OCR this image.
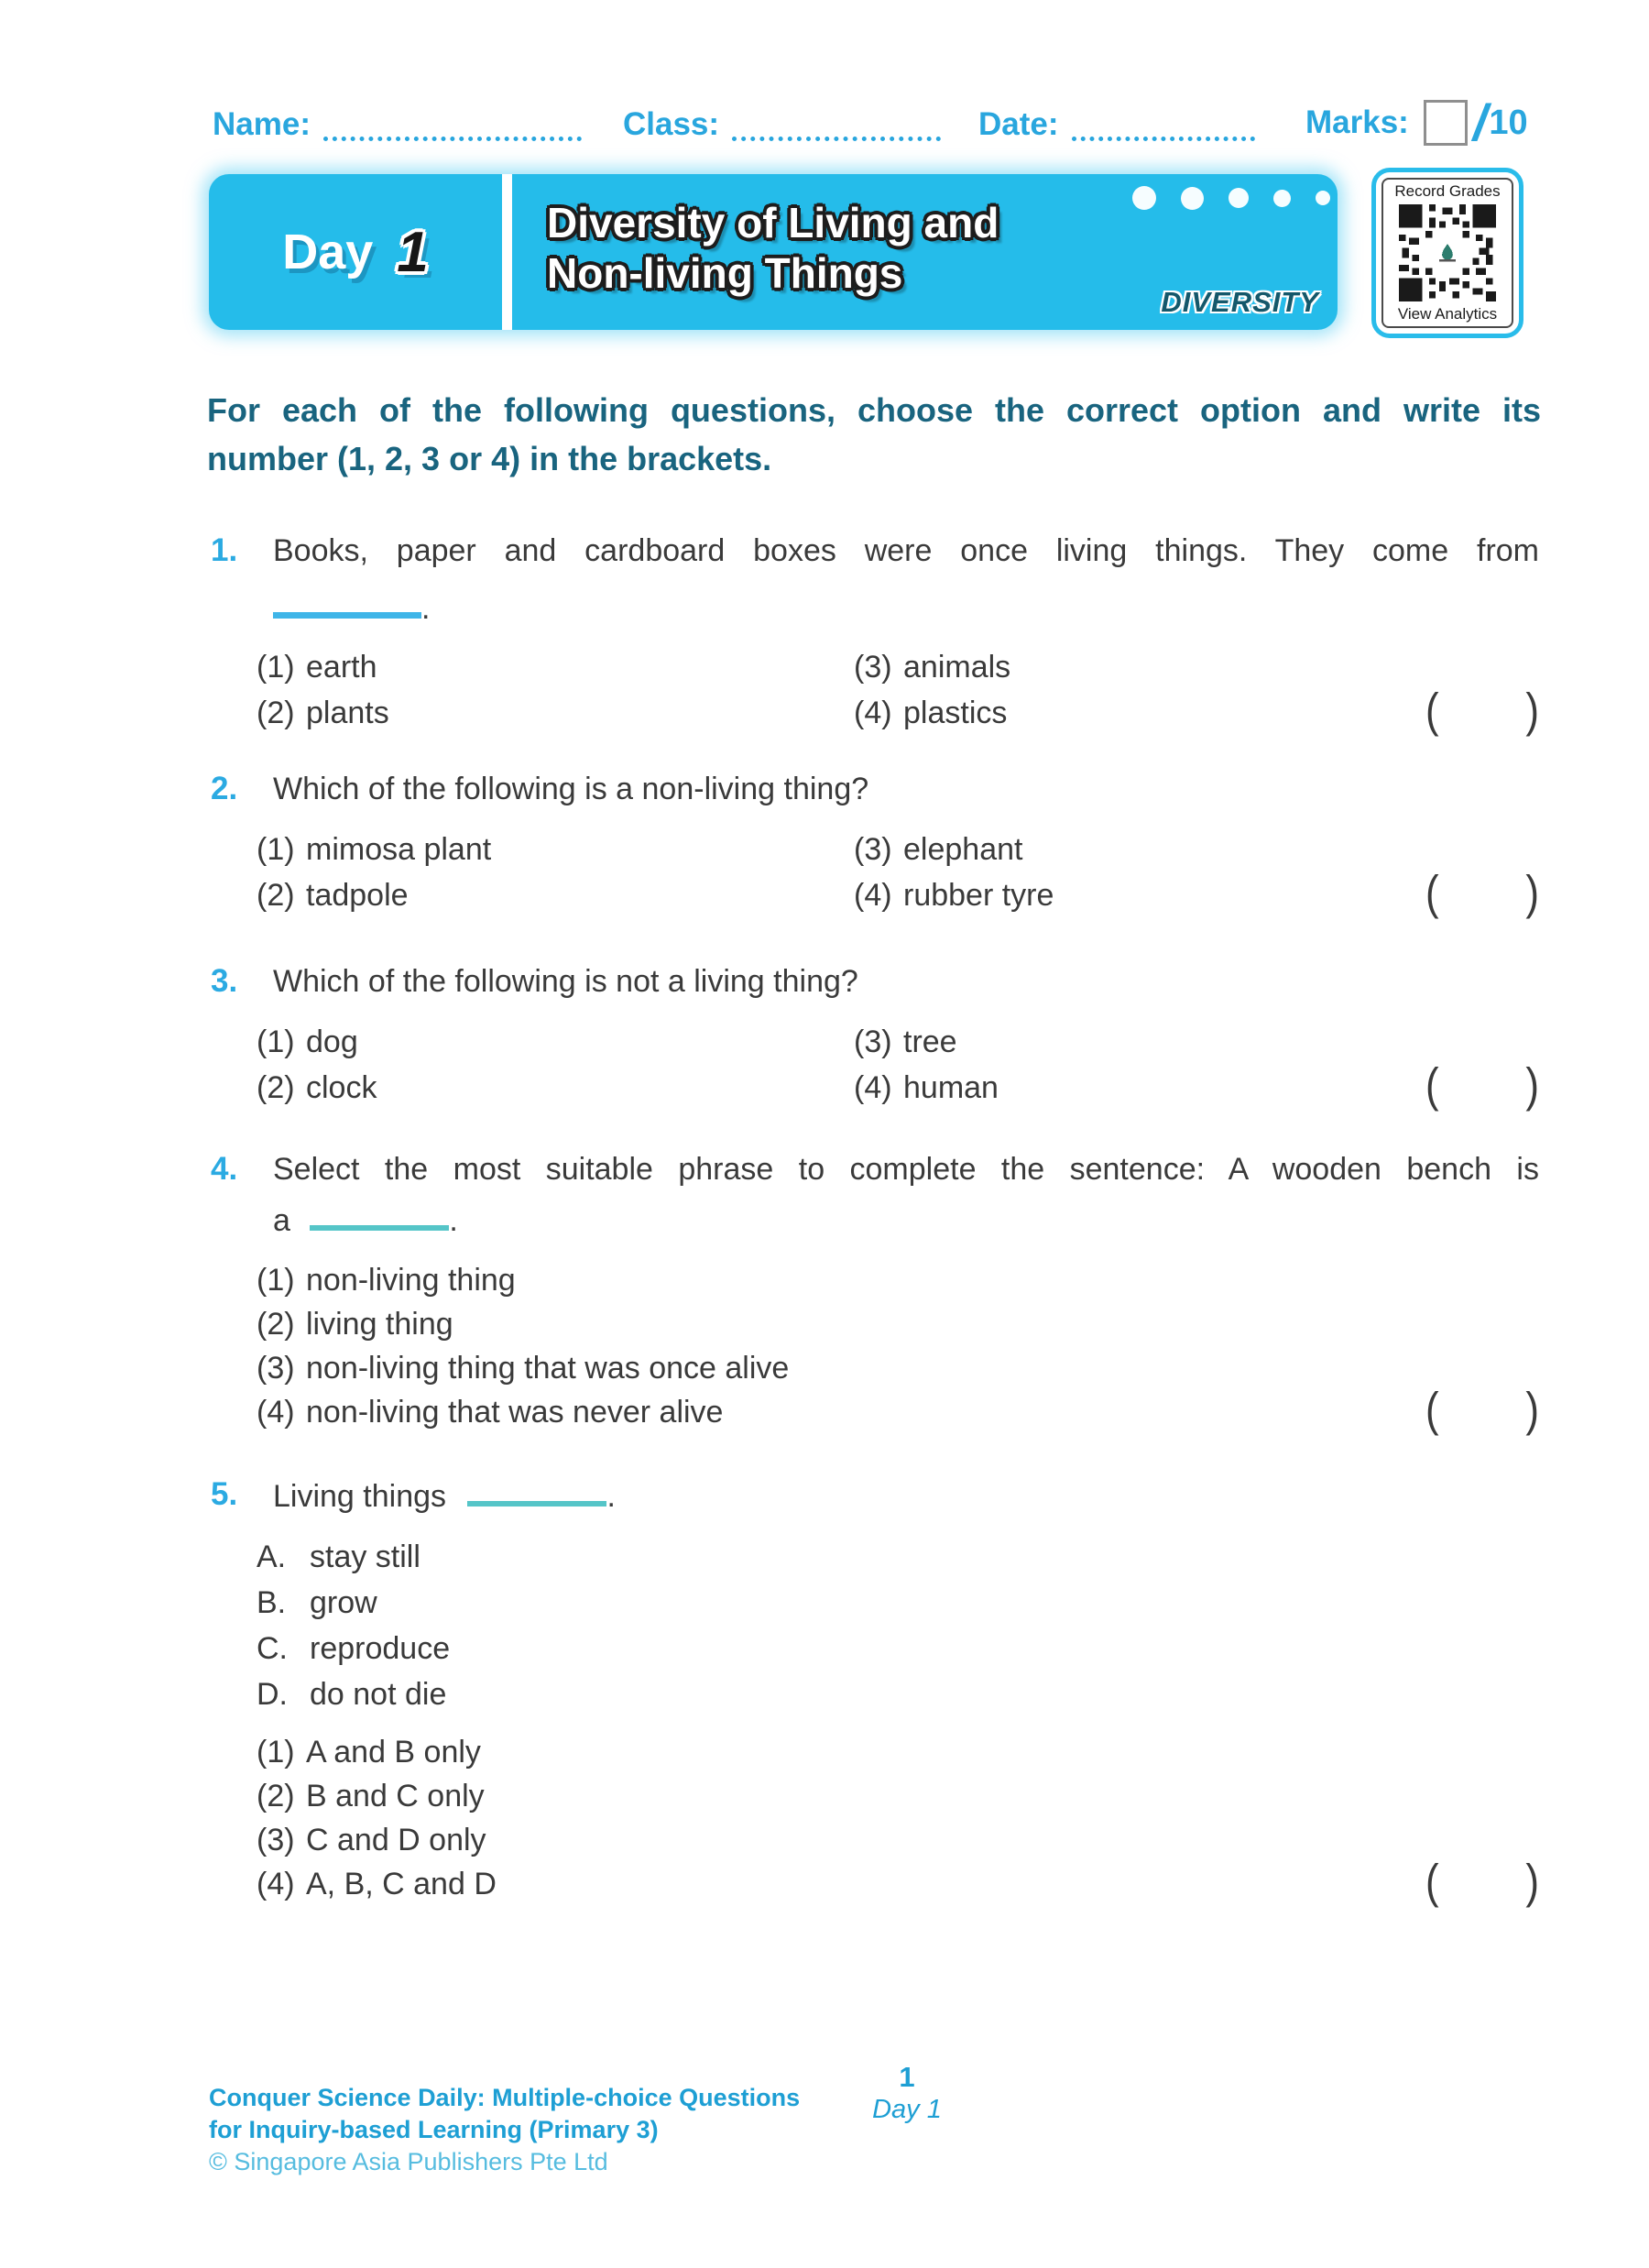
Name:	Class:	Date:	Marks: / 10
Day 1	Diversity of Living and
Non-living Things
DIVERSITY
Record Grades
View Analytics
For each of the following questions, choose the correct option and write its
number (1, 2, 3 or 4) in the brackets.
1. Books, paper and cardboard boxes were once living things. They come from
.
(1) earth	(3) animals
(2) plants	(4) plastics	( )
2. Which of the following is a non-living thing?
(1) mimosa plant	(3) elephant
(2) tadpole	(4) rubber tyre	( )
3. Which of the following is not a living thing?
(1) dog	(3) tree
(2) clock	(4) human	( )
4. Select the most suitable phrase to complete the sentence: A wooden bench is
a	.
(1) non-living thing
(2) living thing
(3) non-living thing that was once alive
(4) non-living that was never alive	( )
5. Living things	.
A. stay still
B. grow
C. reproduce
D. do not die
(1) A and B only
(2) B and C only
(3) C and D only
(4) A, B, C and D	( )
Conquer Science Daily: Multiple-choice Questions
for Inquiry-based Learning (Primary 3)
© Singapore Asia Publishers Pte Ltd
1
Day 1
